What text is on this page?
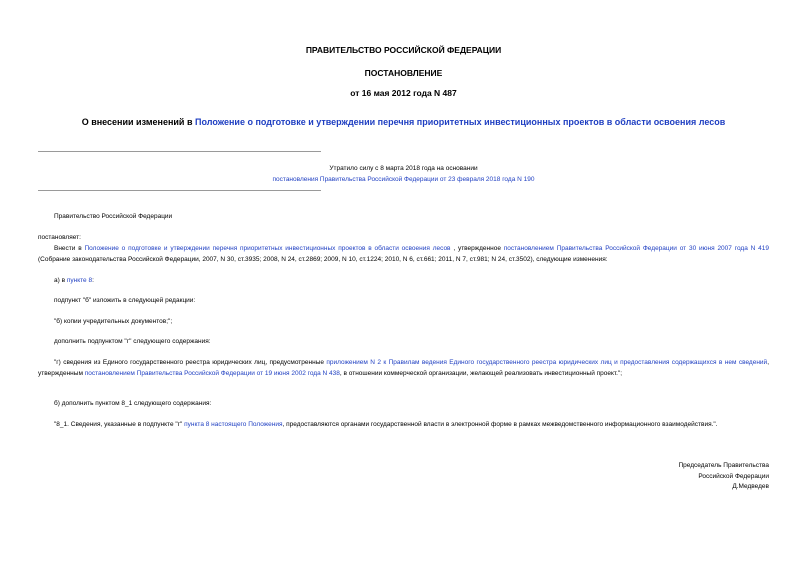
ПРАВИТЕЛЬСТВО РОССИЙСКОЙ ФЕДЕРАЦИИ
ПОСТАНОВЛЕНИЕ
от 16 мая 2012 года N 487
О внесении изменений в Положение о подготовке и утверждении перечня приоритетных инвестиционных проектов в области освоения лесов
Утратило силу с 8 марта 2018 года на основании
постановления Правительства Российской Федерации от 23 февраля 2018 года N 190
Правительство Российской Федерации
постановляет:
Внести в Положение о подготовке и утверждении перечня приоритетных инвестиционных проектов в области освоения лесов , утвержденное постановлением Правительства Российской Федерации от 30 июня 2007 года N 419 (Собрание законодательства Российской Федерации, 2007, N 30, ст.3935; 2008, N 24, ст.2869; 2009, N 10, ст.1224; 2010, N 6, ст.661; 2011, N 7, ст.981; N 24, ст.3502), следующие изменения:
а) в пункте 8:
подпункт "б" изложить в следующей редакции:
"б) копии учредительных документов;";
дополнить подпунктом "г" следующего содержания:
"г) сведения из Единого государственного реестра юридических лиц, предусмотренные приложением N 2 к Правилам ведения Единого государственного реестра юридических лиц и предоставления содержащихся в нем сведений, утвержденным постановлением Правительства Российской Федерации от 19 июня 2002 года N 438, в отношении коммерческой организации, желающей реализовать инвестиционный проект.";
б) дополнить пунктом 8_1 следующего содержания:
"8_1. Сведения, указанные в подпункте "г" пункта 8 настоящего Положения, предоставляются органами государственной власти в электронной форме в рамках межведомственного информационного взаимодействия.".
Председатель Правительства
Российской Федерации
Д.Медведев
